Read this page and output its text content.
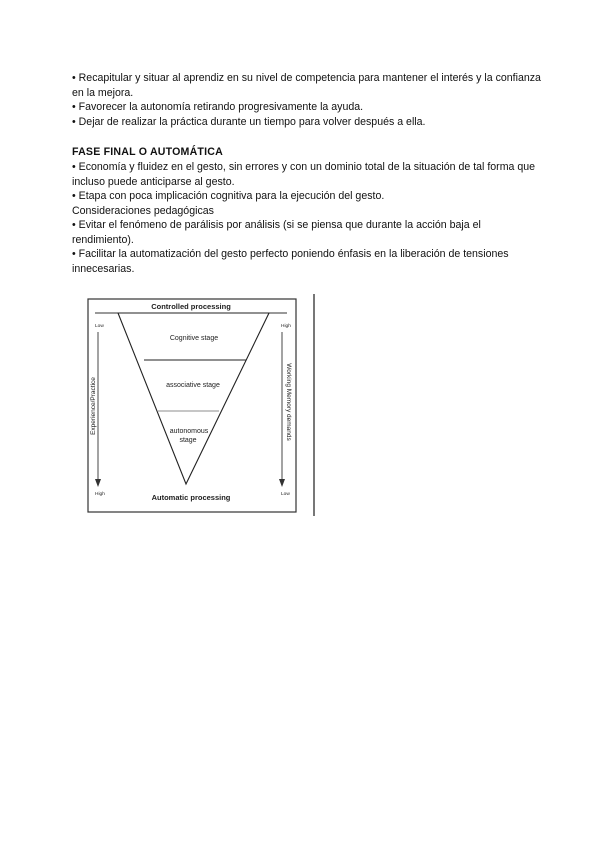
• Recapitular y situar al aprendiz en su nivel de competencia para mantener el interés y la confianza en la mejora.

• Favorecer la autonomía retirando progresivamente la ayuda.

• Dejar de realizar la práctica durante un tiempo para volver después a ella.

FASE FINAL O AUTOMÁTICA

• Economía y fluidez en el gesto, sin errores y con un dominio total de la situación de tal forma que incluso puede anticiparse al gesto.

• Etapa con poca implicación cognitiva para la ejecución del gesto.

Consideraciones pedagógicas

• Evitar el fenómeno de parálisis por análisis (si se piensa que durante la acción baja el rendimiento).

• Facilitar la automatización del gesto perfecto poniendo énfasis en la liberación de tensiones innecesarias.

Controlled processing
Cognitive stage
associative stage
autonomous
stage
Low
High
High
Low
Experience/Practice	Working Memory demands
Automatic processing
